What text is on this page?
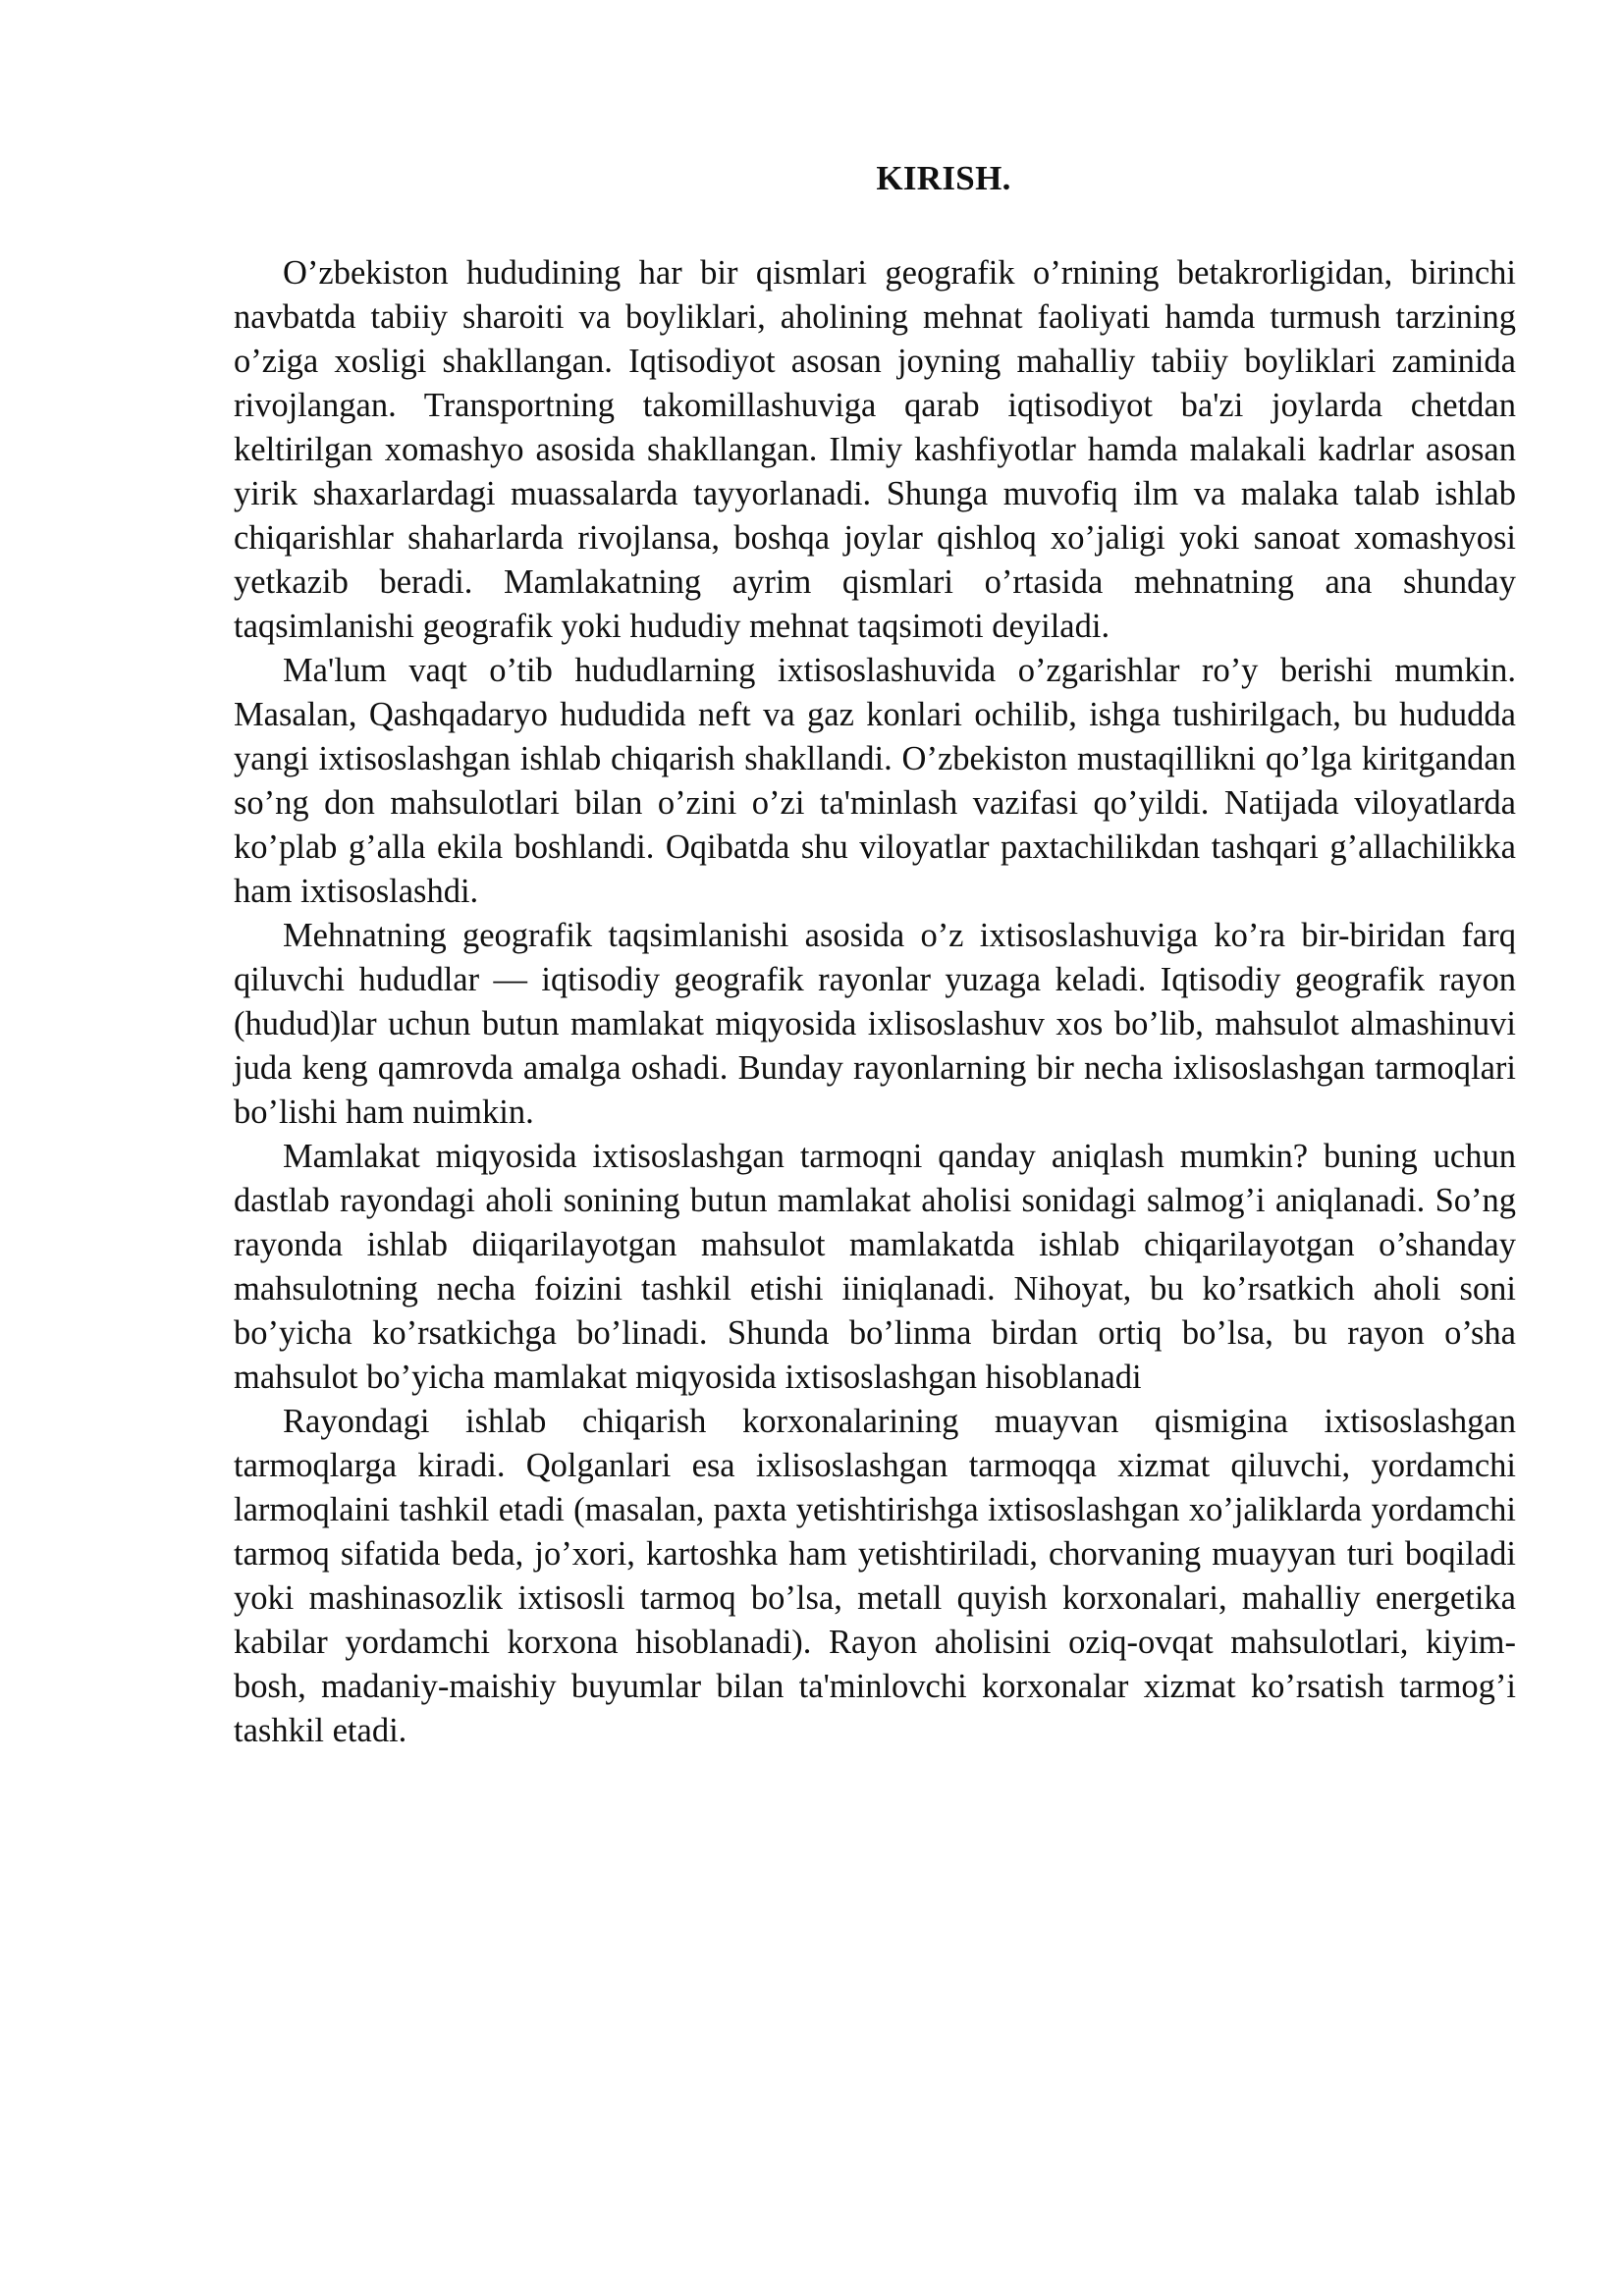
KIRISH.

O’zbekiston hududining har bir qismlari geografik o’rnining betakrorligidan, birinchi navbatda tabiiy sharoiti va boyliklari, aholining mehnat faoliyati hamda turmush tarzining o’ziga xosligi shakllangan. Iqtisodiyot asosan joyning mahalliy tabiiy boyliklari zaminida rivojlangan. Transportning takomillashuviga qarab iqtisodiyot ba'zi joylarda chetdan keltirilgan xomashyo asosida shakllangan. Ilmiy kashfiyotlar hamda malakali kadrlar asosan yirik shaxarlardagi muassalarda tayyorlanadi. Shunga muvofiq ilm va malaka talab ishlab chiqarishlar shaharlarda rivojlansa, boshqa joylar qishloq xo’jaligi yoki sanoat xomashyosi yetkazib beradi. Mamlakatning ayrim qismlari o’rtasida mehnatning ana shunday taqsimlanishi geografik yoki hududiy mehnat taqsimoti deyiladi.

Ma'lum vaqt o’tib hududlarning ixtisoslashuvida o’zgarishlar ro’y berishi mumkin. Masalan, Qashqadaryo hududida neft va gaz konlari ochilib, ishga tushirilgach, bu hududda yangi ixtisoslashgan ishlab chiqarish shakllandi. O’zbekiston mustaqillikni qo’lga kiritgandan so’ng don mahsulotlari bilan o’zini o’zi ta'minlash vazifasi qo’yildi. Natijada viloyatlarda ko’plab g’alla ekila boshlandi. Oqibatda shu viloyatlar paxtachilikdan tashqari g’allachilikka ham ixtisoslashdi.

Mehnatning geografik taqsimlanishi asosida o’z ixtisoslashuviga ko’ra bir-biridan farq qiluvchi hududlar — iqtisodiy geografik rayonlar yuzaga keladi. Iqtisodiy geografik rayon (hudud)lar uchun butun mamlakat miqyosida ixlisoslashuv xos bo’lib, mahsulot almashinuvi juda keng qamrovda amalga oshadi. Bunday rayonlarning bir necha ixlisoslashgan tarmoqlari bo’lishi ham nuimkin.

Mamlakat miqyosida ixtisoslashgan tarmoqni qanday aniqlash mumkin? buning uchun dastlab rayondagi aholi sonining butun mamlakat aholisi sonidagi salmog’i aniqlanadi. So’ng rayonda ishlab diiqarilayotgan mahsulot mamlakatda ishlab chiqarilayotgan o’shanday mahsulotning necha foizini tashkil etishi iiniqlanadi. Nihoyat, bu ko’rsatkich aholi soni bo’yicha ko’rsatkichga bo’linadi. Shunda bo’linma birdan ortiq bo’lsa, bu rayon o’sha mahsulot bo’yicha mamlakat miqyosida ixtisoslashgan hisoblanadi

Rayondagi ishlab chiqarish korxonalarining muayvan qismigina ixtisoslashgan tarmoqlarga kiradi. Qolganlari esa ixlisoslashgan tarmoqqa xizmat qiluvchi, yordamchi larmoqlaini tashkil etadi (masalan, paxta yetishtirishga ixtisoslashgan xo’jaliklarda yordamchi tarmoq sifatida beda, jo’xori, kartoshka ham yetishtiriladi, chorvaning muayyan turi boqiladi yoki mashinasozlik ixtisosli tarmoq bo’lsa, metall quyish korxonalari, mahalliy energetika kabilar yordamchi korxona hisoblanadi). Rayon aholisini oziq-ovqat mahsulotlari, kiyim-bosh, madaniy-maishiy buyumlar bilan ta'minlovchi korxonalar xizmat ko’rsatish tarmog’i tashkil etadi.
